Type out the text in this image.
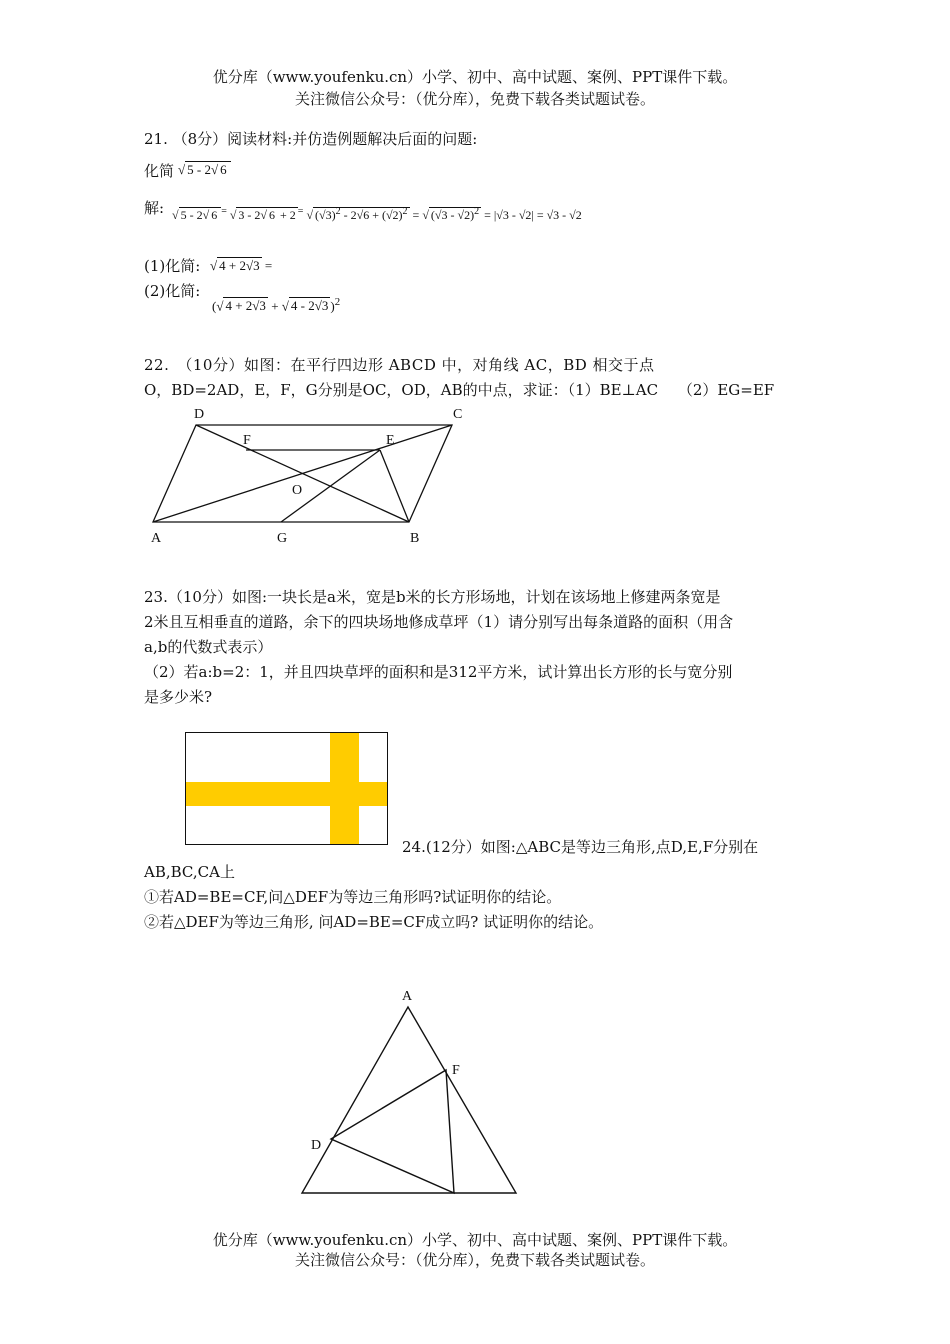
优分库（www.youfenku.cn）小学、初中、高中试题、案例、PPT课件下载。
关注微信公众号：（优分库），免费下载各类试题试卷。
21. （8分）阅读材料:并仿造例题解决后面的问题:
化简 √ 5 - 2√ 6
解: √ 5 - 2√ 6 = √ 3 - 2√ 6 + 2 = √ $(√3)^2 - 2√6 + (√2)^2$ = √ (√3 - √2)$^2$ = |√3 - √2| = √3 - √2
(1)化简: √ 4 + 2√3 =
(2)化简:
(√ 4 + 2√3 + √ 4 - 2√3 )$^2$
22.　（10分）如图：在平行四边形 ABCD 中，对角线 AC，BD 相交于点
O，BD=2AD，E，F，G分别是OC，OD，AB的中点，求证：（1）BE⊥AC　 （2）EG=EF
D	C
F	E
O
A	G	B
23.（10分）如图:一块长是a米，宽是b米的长方形场地，计划在该场地上修建两条宽是
2米且互相垂直的道路，余下的四块场地修成草坪（1）请分别写出每条道路的面积（用含
a,b的代数式表示）
（2）若a:b=2：1，并且四块草坪的面积和是312平方米，试计算出长方形的长与宽分别
是多少米?
24.(12分）如图:△ABC是等边三角形,点D,E,F分别在
AB,BC,CA上
①若AD=BE=CF,问△DEF为等边三角形吗?试证明你的结论。
②若△DEF为等边三角形, 问AD=BE=CF成立吗? 试证明你的结论。
A
F
D
优分库（www.youfenku.cn）小学、初中、高中试题、案例、PPT课件下载。
关注微信公众号：（优分库），免费下载各类试题试卷。
